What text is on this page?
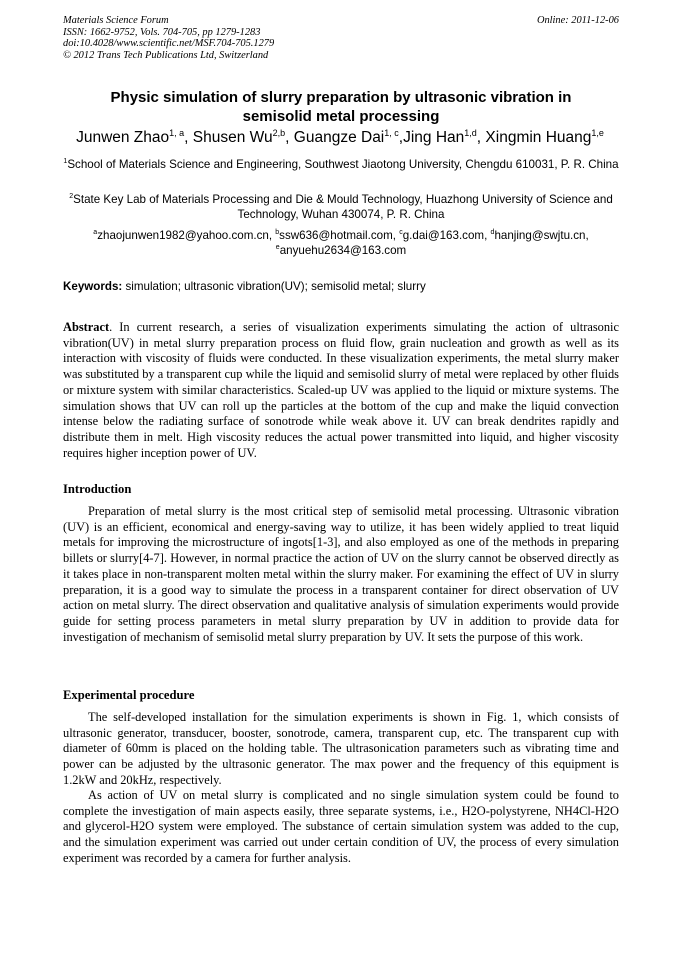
Materials Science Forum
ISSN: 1662-9752, Vols. 704-705, pp 1279-1283
doi:10.4028/www.scientific.net/MSF.704-705.1279
© 2012 Trans Tech Publications Ltd, Switzerland
Online: 2011-12-06
Physic simulation of slurry preparation by ultrasonic vibration in
semisolid metal processing
Junwen Zhao$^{1, a}$, Shusen Wu$^{2,b}$, Guangze Dai$^{1, c}$,Jing Han$^{1,d}$, Xingmin Huang$^{1,e}$
$^1$School of Materials Science and Engineering, Southwest Jiaotong University, Chengdu 610031, P. R. China
$^2$State Key Lab of Materials Processing and Die & Mould Technology, Huazhong University of Science and Technology, Wuhan 430074, P. R. China
$^a$zhaojunwen1982@yahoo.com.cn, $^b$ssw636@hotmail.com, $^c$g.dai@163.com, $^d$hanjing@swjtu.cn,
$^e$anyuehu2634@163.com
Keywords: simulation; ultrasonic vibration(UV); semisolid metal; slurry
Abstract. In current research, a series of visualization experiments simulating the action of ultrasonic vibration(UV) in metal slurry preparation process on fluid flow, grain nucleation and growth as well as its interaction with viscosity of fluids were conducted. In these visualization experiments, the metal slurry maker was substituted by a transparent cup while the liquid and semisolid slurry of metal were replaced by other fluids or mixture system with similar characteristics. Scaled-up UV was applied to the liquid or mixture systems. The simulation shows that UV can roll up the particles at the bottom of the cup and make the liquid convection intense below the radiating surface of sonotrode while weak above it. UV can break dendrites rapidly and distribute them in melt. High viscosity reduces the actual power transmitted into liquid, and higher viscosity requires higher inception power of UV.
Introduction
Preparation of metal slurry is the most critical step of semisolid metal processing. Ultrasonic vibration (UV) is an efficient, economical and energy-saving way to utilize, it has been widely applied to treat liquid metals for improving the microstructure of ingots[1-3], and also employed as one of the methods in preparing billets or slurry[4-7]. However, in normal practice the action of UV on the slurry cannot be observed directly as it takes place in non-transparent molten metal within the slurry maker. For examining the effect of UV in slurry preparation, it is a good way to simulate the process in a transparent container for direct observation of UV action on metal slurry. The direct observation and qualitative analysis of simulation experiments would provide guide for setting process parameters in metal slurry preparation by UV in addition to provide data for investigation of mechanism of semisolid metal slurry preparation by UV. It sets the purpose of this work.
Experimental procedure
The self-developed installation for the simulation experiments is shown in Fig. 1, which consists of ultrasonic generator, transducer, booster, sonotrode, camera, transparent cup, etc. The transparent cup with diameter of 60mm is placed on the holding table. The ultrasonication parameters such as vibrating time and power can be adjusted by the ultrasonic generator. The max power and the frequency of this equipment is 1.2kW and 20kHz, respectively.
As action of UV on metal slurry is complicated and no single simulation system could be found to complete the investigation of main aspects easily, three separate systems, i.e., H2O-polystyrene, NH4Cl-H2O and glycerol-H2O system were employed. The substance of certain simulation system was added to the cup, and the simulation experiment was carried out under certain condition of UV, the process of every simulation experiment was recorded by a camera for further analysis.
